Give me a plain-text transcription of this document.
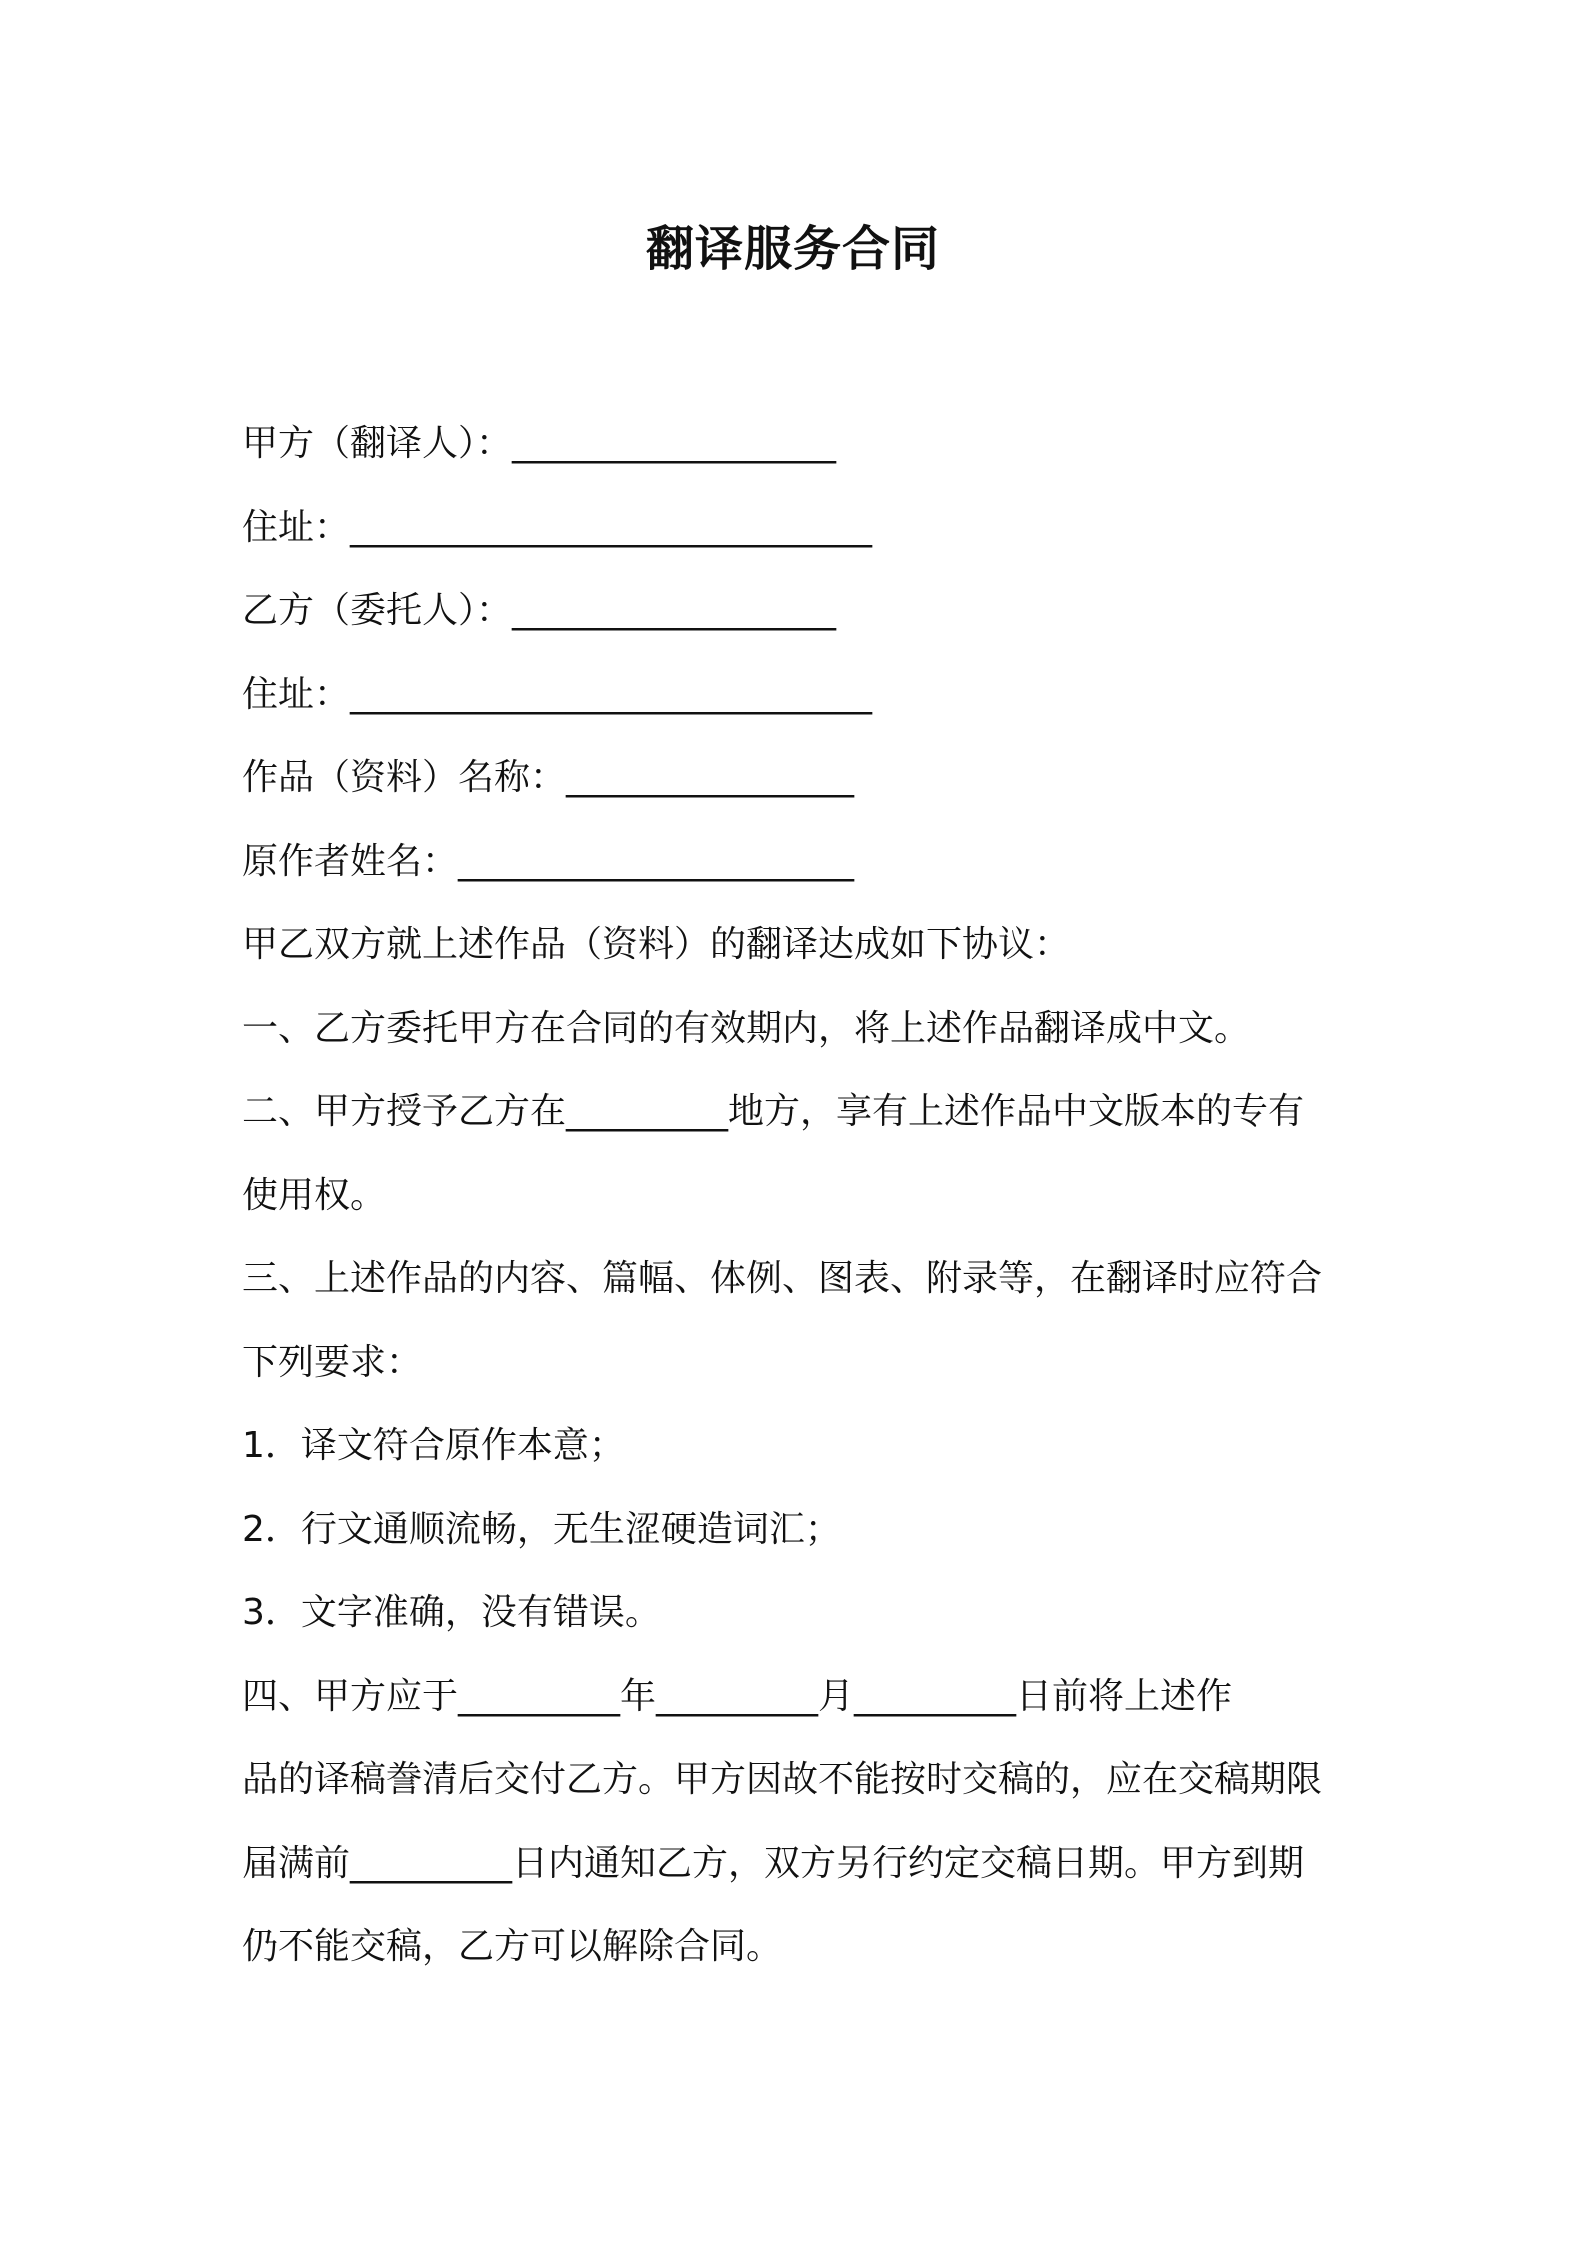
翻译服务合同
甲方（翻译人）：__________________
住址：_____________________________
乙方（委托人）：__________________
住址：_____________________________
作品（资料）名称：________________
原作者姓名：______________________
甲乙双方就上述作品（资料）的翻译达成如下协议：
一、乙方委托甲方在合同的有效期内，将上述作品翻译成中文。
二、甲方授予乙方在_________地方，享有上述作品中文版本的专有
使用权。
三、上述作品的内容、篇幅、体例、图表、附录等，在翻译时应符合
下列要求：
1．译文符合原作本意；
2．行文通顺流畅，无生涩硬造词汇；
3．文字准确，没有错误。
四、甲方应于_________年_________月_________日前将上述作
品的译稿誊清后交付乙方。甲方因故不能按时交稿的，应在交稿期限
届满前_________日内通知乙方，双方另行约定交稿日期。甲方到期
仍不能交稿，乙方可以解除合同。
